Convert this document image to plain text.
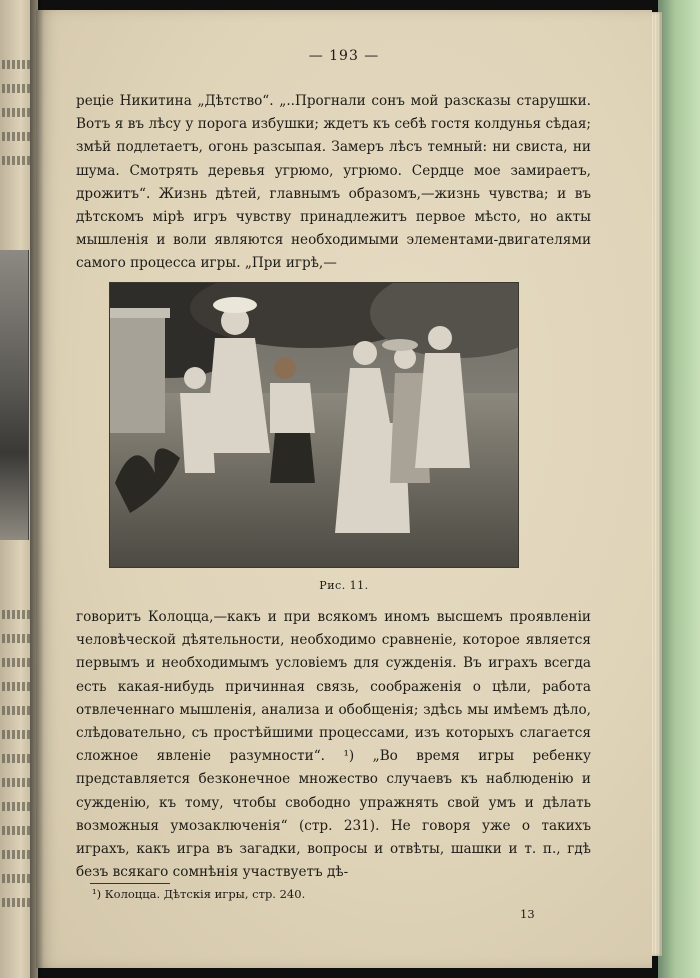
— 193 —

реціе Никитина „Дѣтство“. „..Прогнали сонъ мой разсказы старушки. Вотъ я въ лѣсу у порога избушки; ждетъ къ себѣ гостя колдунья сѣдая; змѣй подлетаетъ, огонь разсыпая. Замеръ лѣсъ темный: ни свиста, ни шума. Смотрять деревья угрюмо, угрюмо. Сердце мое замираетъ, дрожитъ“. Жизнь дѣтей, главнымъ образомъ,—жизнь чувства; и въ дѣтскомъ мірѣ игръ чувству принадлежитъ первое мѣсто, но акты мышленія и воли являются необходимыми элементами-двигателями самого процесса игры. „При игрѣ,—

Рис. 11.

говоритъ Колоцца,—какъ и при всякомъ иномъ высшемъ проявленіи человѣческой дѣятельности, необходимо сравненіе, которое является первымъ и необходимымъ условіемъ для сужденія. Въ играхъ всегда есть какая-нибудь причинная связь, соображенія о цѣли, работа отвлеченнаго мышленія, анализа и обобщенія; здѣсь мы имѣемъ дѣло, слѣдовательно, съ простѣйшими процессами, изъ которыхъ слагается сложное явленіе разумности“. ¹) „Во время игры ребенку представляется безконечное множество случаевъ къ наблюденію и сужденію, къ тому, чтобы свободно упражнять свой умъ и дѣлать возможныя умозаключенія“ (стр. 231). Не говоря уже о такихъ играхъ, какъ игра въ загадки, вопросы и отвѣты, шашки и т. п., гдѣ безъ всякаго сомнѣнія участвуетъ дѣ-

¹) Колоцца. Дѣтскія игры, стр. 240.

13
